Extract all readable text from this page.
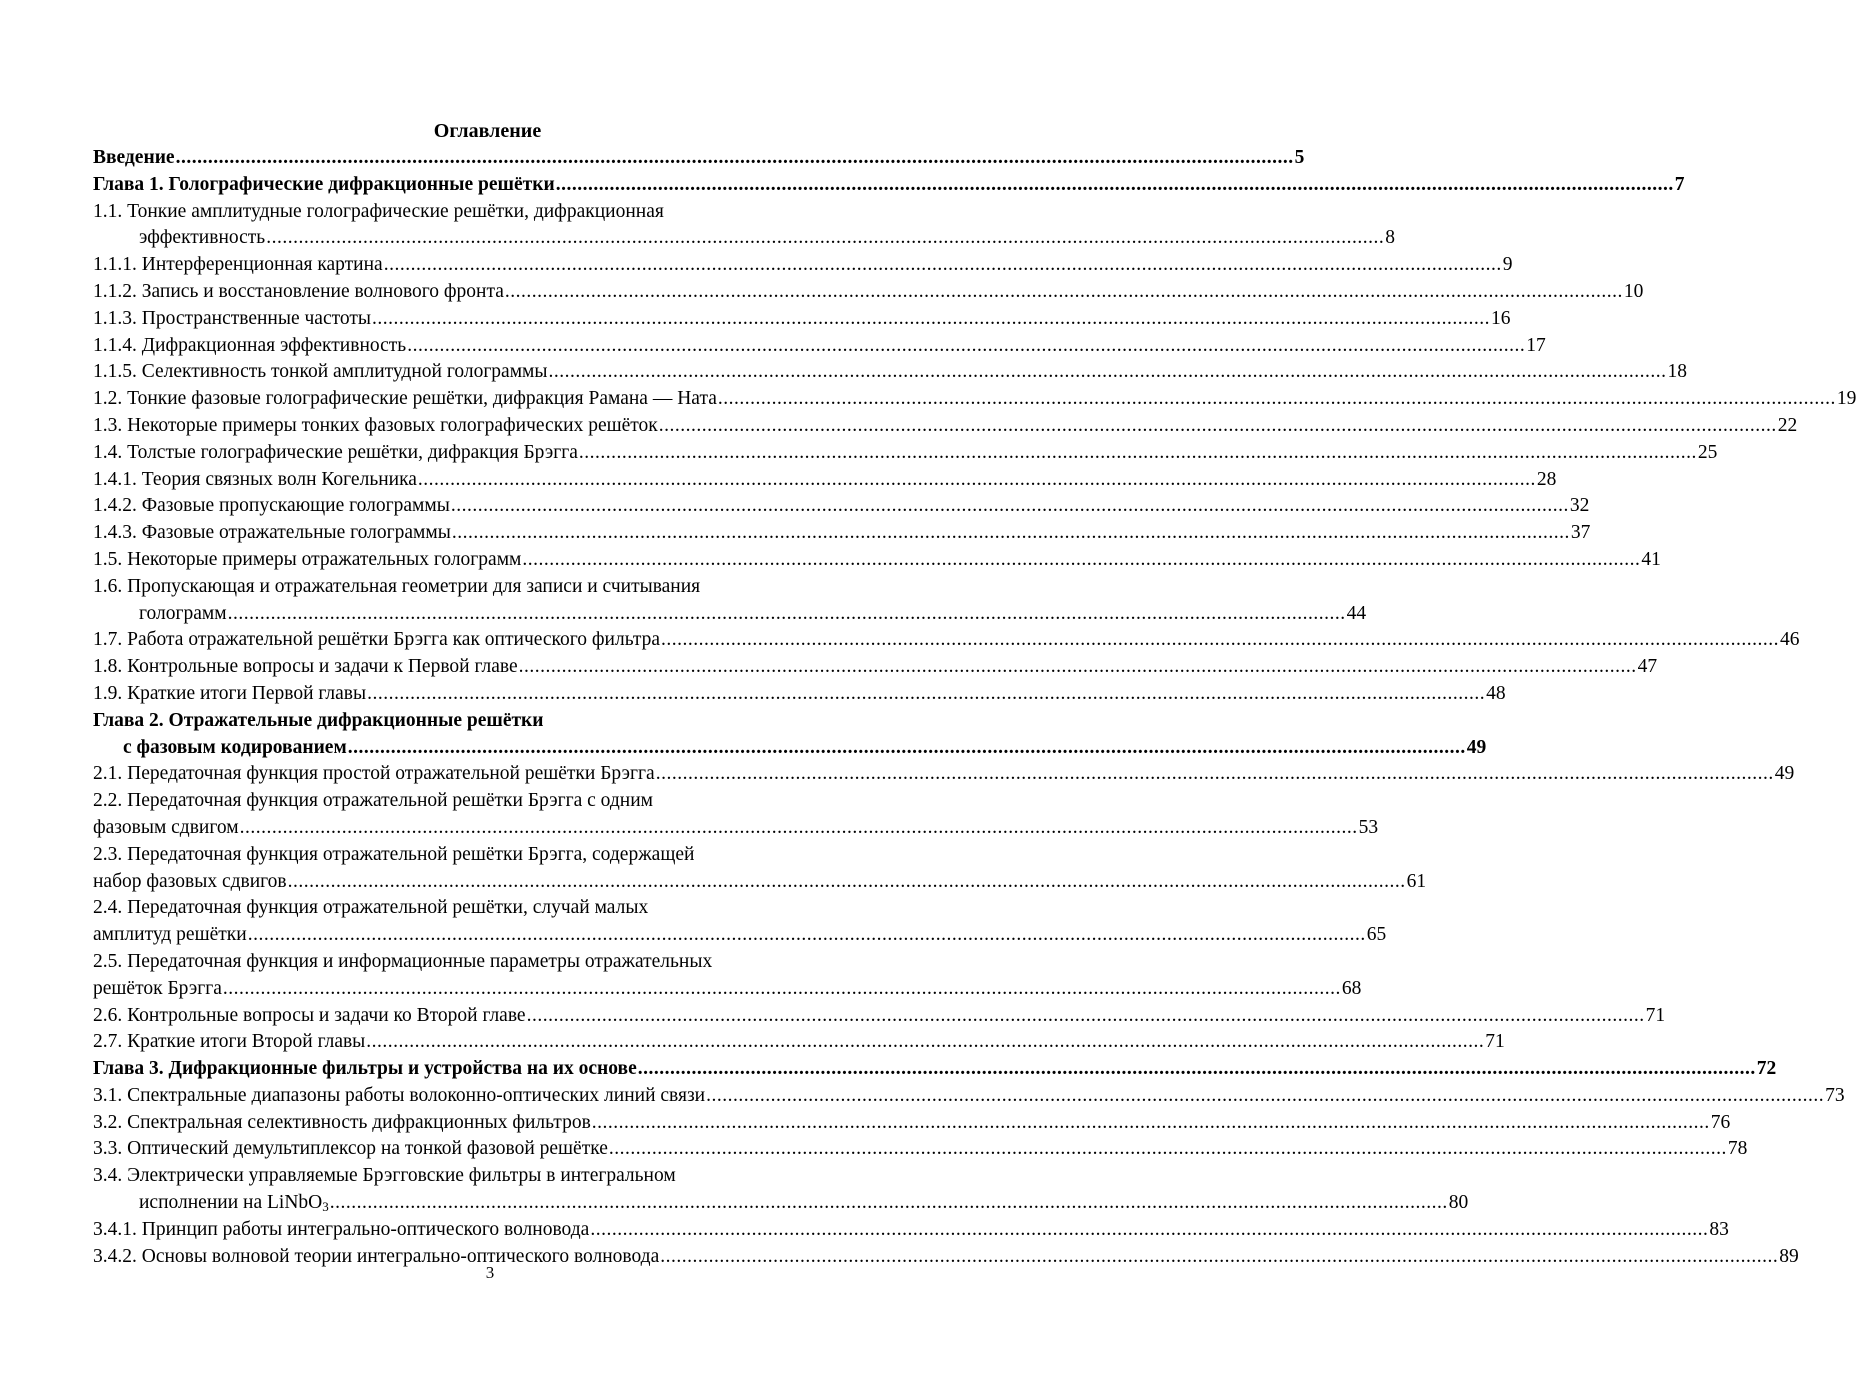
Оглавление
Введение .....	5
Глава 1. Голографические дифракционные решётки .....	7
1.1. Тонкие амплитудные голографические решётки, дифракционная
эффективность .....	8
1.1.1. Интерференционная картина .....	9
1.1.2. Запись и восстановление волнового фронта .....	10
1.1.3. Пространственные частоты .....	16
1.1.4. Дифракционная эффективность .....	17
1.1.5. Селективность тонкой амплитудной голограммы .....	18
1.2. Тонкие фазовые голографические решётки, дифракция Рамана — Ната .....	19
1.3. Некоторые примеры тонких фазовых голографических решёток .....	22
1.4. Толстые голографические решётки, дифракция Брэгга .....	25
1.4.1. Теория связных волн Когельника .....	28
1.4.2. Фазовые пропускающие голограммы .....	32
1.4.3. Фазовые отражательные голограммы .....	37
1.5. Некоторые примеры отражательных голограмм .....	41
1.6. Пропускающая и отражательная геометрии для записи и считывания
голограмм .....	44
1.7. Работа отражательной решётки Брэгга как оптического фильтра .....	46
1.8. Контрольные вопросы и задачи к Первой главе .....	47
1.9. Краткие итоги Первой главы .....	48
Глава 2. Отражательные дифракционные решётки
с фазовым кодированием .....	49
2.1. Передаточная функция простой отражательной решётки Брэгга .....	49
2.2. Передаточная функция отражательной решётки Брэгга с одним
фазовым сдвигом .....	53
2.3. Передаточная функция отражательной решётки Брэгга, содержащей
набор фазовых сдвигов .....	61
2.4. Передаточная функция отражательной решётки, случай малых
амплитуд решётки .....	65
2.5. Передаточная функция и информационные параметры отражательных
решёток Брэгга .....	68
2.6. Контрольные вопросы и задачи ко Второй главе .....	71
2.7. Краткие итоги Второй главы .....	71
Глава 3. Дифракционные фильтры и устройства на их основе .....	72
3.1. Спектральные диапазоны работы волоконно-оптических линий связи .....	73
3.2. Спектральная селективность дифракционных фильтров .....	76
3.3. Оптический демультиплексор на тонкой фазовой решётке .....	78
3.4. Электрически управляемые Брэгговские фильтры в интегральном
исполнении на LiNbO$_3$ .....	80
3.4.1. Принцип работы интегрально-оптического волновода .....	83
3.4.2. Основы волновой теории интегрально-оптического волновода .....	89
3
